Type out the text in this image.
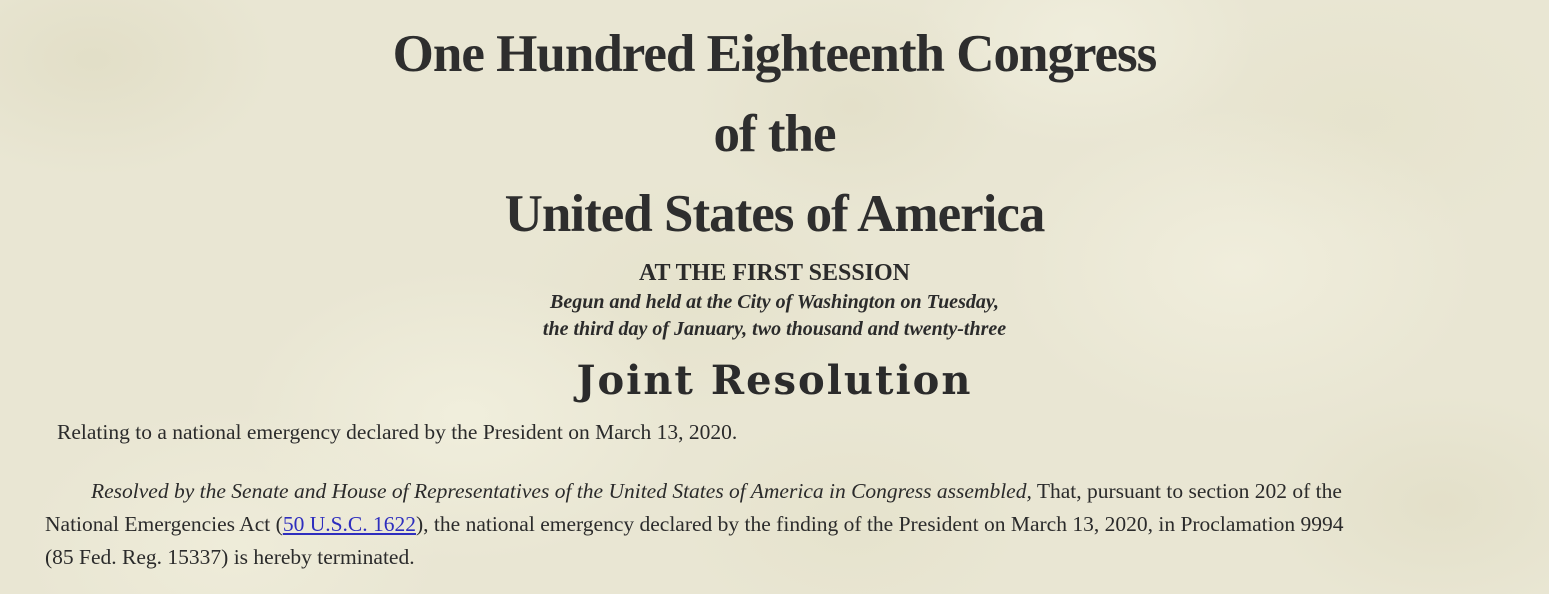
One Hundred Eighteenth Congress
of the
United States of America
AT THE FIRST SESSION
Begun and held at the City of Washington on Tuesday,
the third day of January, two thousand and twenty-three
Joint Resolution
Relating to a national emergency declared by the President on March 13, 2020.
Resolved by the Senate and House of Representatives of the United States of America in Congress assembled, That, pursuant to section 202 of the
National Emergencies Act (50 U.S.C. 1622), the national emergency declared by the finding of the President on March 13, 2020, in Proclamation 9994
(85 Fed. Reg. 15337) is hereby terminated.
